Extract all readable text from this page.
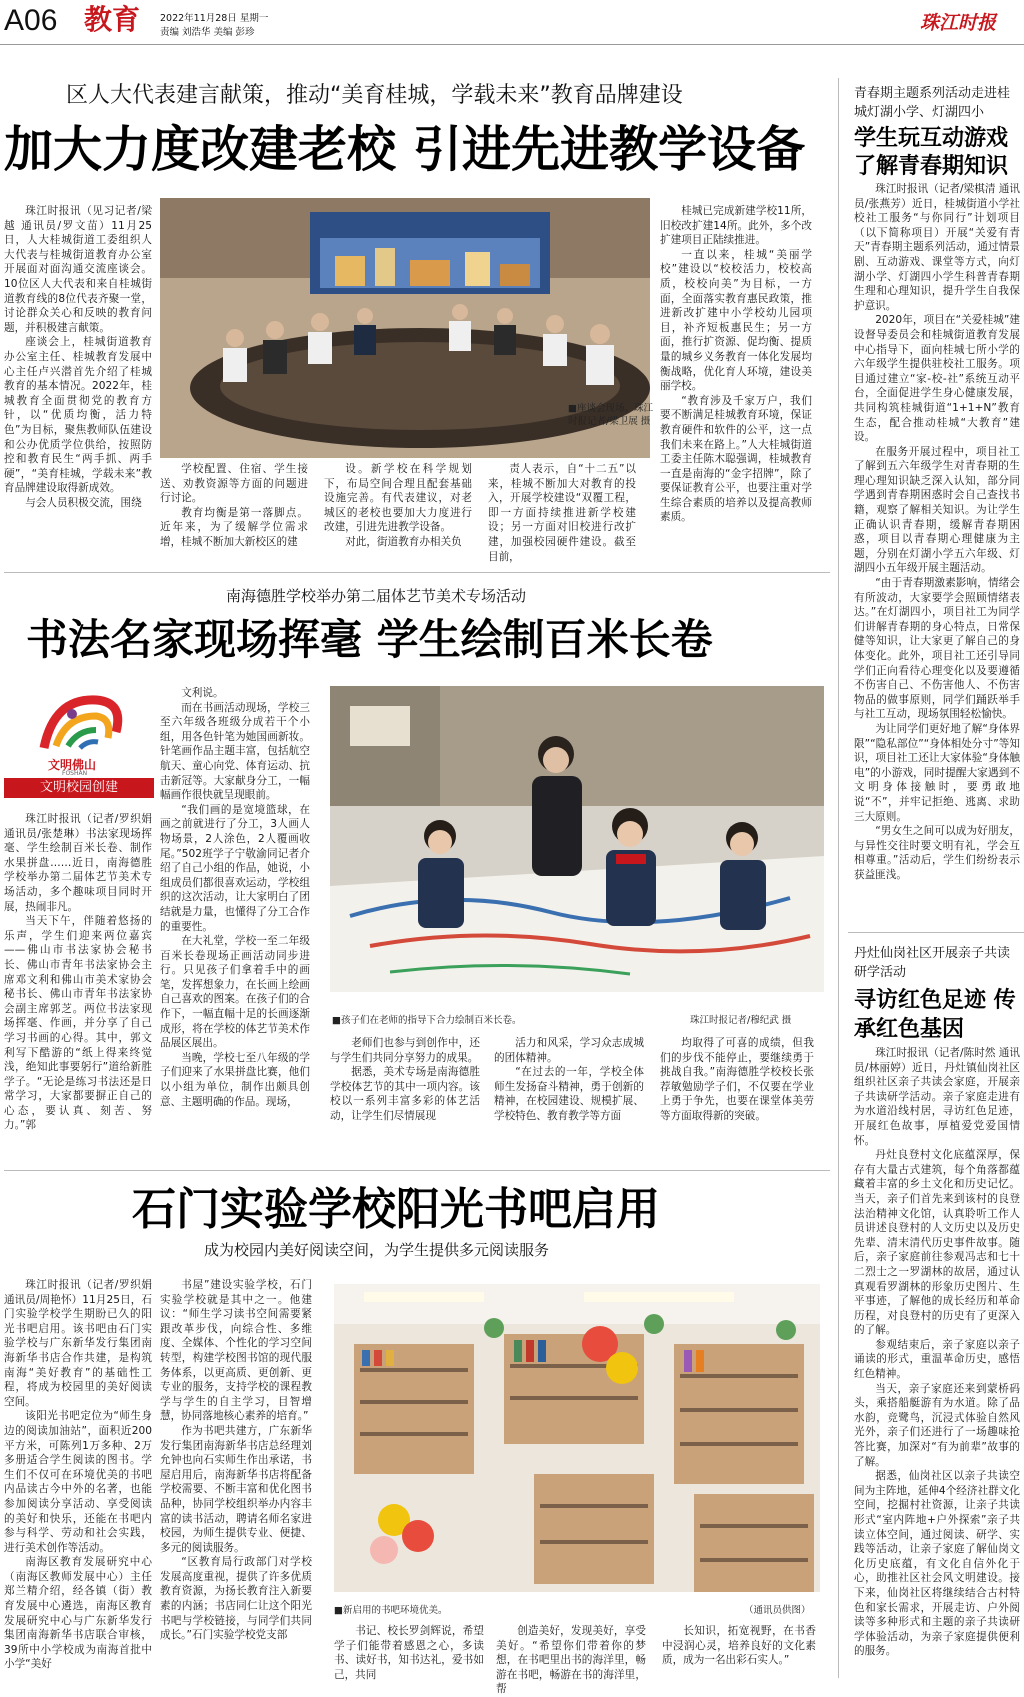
A06 教育 2022年11月28日 星期一
责编 刘浩华 美编 彭珍	珠江时报
区人大代表建言献策，推动“美育桂城，学载未来”教育品牌建设
加大力度改建老校 引进先进教学设备

珠江时报讯（见习记者/梁越 通讯员/罗文苗）11月25日，人大桂城街道工委组织人大代表与桂城街道教育办公室开展面对面沟通交流座谈会。10位区人大代表和来自桂城街道教育线的8位代表齐聚一堂，讨论群众关心和反映的教育问题，并积极建言献策。

座谈会上，桂城街道教育办公室主任、桂城教育发展中心主任卢兴潜首先介绍了桂城教育的基本情况。2022年，桂城教育全面贯彻党的教育方针，以“优质均衡，活力特色”为目标，聚焦教师队伍建设和公办优质学位供给，按照防控和教育民生“两手抓、两手硬”，“美育桂城，学载未来”教育品牌建设取得新成效。

与会人员积极交流，围绕

■座谈会现场。珠江时报记者/梁卫展 摄

学校配置、住宿、学生接送、劝教资源等方面的问题进行讨论。

教育均衡是第一落脚点。近年来，为了缓解学位需求增，桂城不断加大新校区的建

设。新学校在科学规划下，布局空间合理且配套基础设施完善。有代表建议，对老城区的老校也要加大力度进行改建，引进先进教学设备。

对此，街道教育办相关负

责人表示，自“十二五”以来，桂城不断加大对教育的投入，开展学校建设“双覆工程，即一方面持续推进新学校建设；另一方面对旧校进行改扩建，加强校园硬件建设。截至目前，

桂城已完成新建学校11所，旧校改扩建14所。此外，多个改扩建项目正陆续推进。

一直以来，桂城“美丽学校”建设以“校校活力，校校高质，校校向美”为目标，一方面，全面落实教育惠民政策，推进新改扩建中小学校幼儿园项目，补齐短板惠民生；另一方面，推行扩资源、促均衡、提质量的城乡义务教育一体化发展均衡战略，优化育人环境，建设美丽学校。

“教育涉及千家万户，我们要不断满足桂城教育环境，保证教育硬件和软件的公平，这一点我们未来在路上。”人大桂城街道工委主任陈木聪强调，桂城教育一直是南海的“金字招牌”，除了要保证教育公平，也要注重对学生综合素质的培养以及提高教师素质。

青春期主题系列活动走进桂城灯湖小学、灯湖四小
学生玩互动游戏 了解青春期知识

珠江时报讯（记者/梁棋清 通讯员/张燕芳）近日，桂城街道小学社校社工服务“与你同行”计划项目（以下简称项目）开展“关爱有青天”青春期主题系列活动，通过情景剧、互动游戏、课堂等方式，向灯湖小学、灯湖四小学生科普青春期生理和心理知识，提升学生自我保护意识。

2020年，项目在“关爱桂城”建设督导委员会和桂城街道教育发展中心指导下，面向桂城七所小学的六年级学生提供驻校社工服务。项目通过建立“家-校-社”系统互动平台，全面促进学生身心健康发展，共同构筑桂城街道“1+1+N”教育生态，配合推动桂城“大教育”建设。

在服务开展过程中，项目社工了解到五六年级学生对青春期的生理心理知识缺乏深入认知，部分同学遇到青春期困惑时会自己查找书籍，观察了解相关知识。为让学生正确认识青春期，缓解青春期困惑，项目以青春期心理健康为主题，分别在灯湖小学五六年级、灯湖四小五年级开展主题活动。

“由于青春期激素影响，情绪会有所波动，大家要学会照顾情绪表达。”在灯湖四小，项目社工为同学们讲解青春期的身心特点，日常保健等知识，让大家更了解自己的身体变化。此外，项目社工还引导同学们正向看待心理变化以及要遵循不伤害自己、不伤害他人、不伤害物品的做事原则，同学们踊跃举手与社工互动，现场氛围轻松愉快。

为让同学们更好地了解“身体界限”“隐私部位”“身体相处分寸”等知识，项目社工还让大家体验“身体触电”的小游戏，同时提醒大家遇到不文明身体接触时，要勇敢地说“不”，并牢记拒绝、逃离、求助三大原则。

“男女生之间可以成为好朋友，与异性交往时要文明有礼，学会互相尊重。”活动后，学生们纷纷表示获益匪浅。

南海德胜学校举办第二届体艺节美术专场活动
书法名家现场挥毫 学生绘制百米长卷
文明佛山
FOSHAN
文明校园创建

珠江时报讯（记者/罗织娟 通讯员/张楚琳）书法家现场挥毫、学生绘制百米长卷、制作水果拼盘……近日，南海德胜学校举办第二届体艺节美术专场活动，多个趣味项目同时开展，热闹非凡。

当天下午，伴随着悠扬的乐声，学生们迎来两位嘉宾——佛山市书法家协会秘书长、佛山市青年书法家协会主席邓文利和佛山市美术家协会秘书长、佛山市青年书法家协会副主席郭芝。两位书法家现场挥毫、作画，并分享了自己学习书画的心得。其中，郭文利写下酷游的“纸上得来终觉浅，绝知此事要躬行”道给新胜学子。“无论是练习书法还是日常学习，大家都要摒正自己的心态，要认真、刻苦、努力。”郭

文利说。

而在书画活动现场，学校三至六年级各班级分成若干个小组，用各色针笔为她国画新妆。针笔画作品主题丰富，包括航空航天、童心向党、体育运动、抗击新冠等。大家献身分工，一幅幅画作很快就呈现眼前。

“我们画的是宽境篮球，在画之前就进行了分工，3人画人物场景，2人涂色，2人覆画收尾。”502班学子宁敬渝同记者介绍了自己小组的作品，她说，小组成员们都很喜欢运动，学校组织的这次活动，让大家明白了团结就是力量，也懂得了分工合作的重要性。

在大礼堂，学校一至二年级百米长卷现场正画活动同步进行。只见孩子们拿着手中的画笔，发挥想象力，在长画上绘画自己喜欢的图案。在孩子们的合作下，一幅直幅十足的长画逐渐成形，将在学校的体艺节美术作品展区展出。

当晚，学校七至八年级的学子们迎来了水果拼盘比赛，他们以小组为单位，制作出颇具创意、主题明确的作品。现场，

■孩子们在老师的指导下合力绘制百米长卷。	珠江时报记者/穆纪武 摄

老师们也参与到创作中，还与学生们共同分享努力的成果。

据悉，美术专场是南海德胜学校体艺节的其中一项内容。该校以一系列丰富多彩的体艺活动，让学生们尽情展现

活力和风采，学习众志成城的团体精神。

“在过去的一年，学校全体师生发扬奋斗精神，勇于创新的精神，在校园建设、规模扩展、学校特色、教育教学等方面

均取得了可喜的成绩，但我们的步伐不能停止，要继续勇于挑战自我。”南海德胜学校校长张荐敏勉励学子们，不仅要在学业上勇于争先，也要在课堂体美劳等方面取得新的突破。

丹灶仙岗社区开展亲子共读研学活动
寻访红色足迹 传承红色基因

珠江时报讯（记者/陈时然 通讯员/林丽婷）近日，丹灶镇仙岗社区组织社区亲子共读会家庭，开展亲子共读研学活动。亲子家庭走进有为水道沿线村居，寻访红色足迹，开展红色故事，厚植爱党爱国情怀。

丹灶良登村文化底蕴深厚，保存有大量古式建筑，每个角落都蕴藏着丰富的乡土文化和历史记忆。当天，亲子们首先来到该村的良登法治精神文化馆，认真聆听工作人员讲述良登村的人文历史以及历史先辈、清末清代历史事件故事。随后，亲子家庭前往参观冯志和七十二烈士之一罗湖林的故居，通过认真观看罗湖林的形象历史图片、生平事迹，了解他的成长经历和革命历程，对良登村的历史有了更深入的了解。

参观结束后，亲子家庭以亲子诵读的形式，重温革命历史，感悟红色精神。

当天，亲子家庭还来到蒙桥码头，乘搭船艇游有为水道。除了品水韵，竞鹭鸟，沉浸式体验自然风光外，亲子们还进行了一场趣味抢答比赛，加深对“有为前辈”故事的了解。

据悉，仙岗社区以亲子共读空间为主阵地，延伸4个经济社群文化空间，挖掘村社资源，让亲子共读形式“室内阵地+户外探索”亲子共读立体空间，通过阅读、研学、实践等活动，让亲子家庭了解仙岗文化历史底蕴，有文化自信外化于心，助推社区社会风文明建设。接下来，仙岗社区将继续结合古村特色和家长需求，开展走访、户外阅读等多种形式和主题的亲子共读研学体验活动，为亲子家庭提供便利的服务。

石门实验学校阳光书吧启用
成为校园内美好阅读空间，为学生提供多元阅读服务

珠江时报讯（记者/罗织娟 通讯员/周艳怀）11月25日，石门实验学校学生期盼已久的阳光书吧启用。该书吧由石门实验学校与广东新华发行集团南海新华书店合作共建，是构筑南海“美好教育”的基础性工程，将成为校园里的美好阅读空间。

该阳光书吧定位为“师生身边的阅读加油站”，面积近200平方米，可陈列1万多种、2万多册适合学生阅读的图书。学生们不仅可在环境优美的书吧内品读古今中外的名著，也能参加阅读分享活动、享受阅读的美好和快乐，还能在书吧内参与科学、劳动和社会实践，进行美术创作等活动。

南海区教育发展研究中心（南海区教师发展中心）主任郑兰精介绍，经各镇（街）教育发展中心遴选，南海区教育发展研究中心与广东新华发行集团南海新华书店联合审核，39所中小学校成为南海首批中小学“美好

书屋”建设实验学校，石门实验学校就是其中之一。他建议：“师生学习读书空间需要紧跟改革步伐，向综合性、多维度、全媒体、个性化的学习空间转型，构建学校图书馆的现代服务体系，以更高质、更创新、更专业的服务，支持学校的课程教学与学生的自主学习，目智增慧，协同落地核心素养的培育。”

作为书吧共建方，广东新华发行集团南海新华书店总经理刘允钟也向石实师生作出承诺，书屋启用后，南海新华书店将配备学校需要、不断丰富和优化图书品种，协同学校组织举办内容丰富的读书活动，聘请名师名家进校园，为师生提供专业、便捷、多元的阅读服务。

“区教育局行政部门对学校发展高度重视，提供了许多优质教育资源，为扬长教育注入新要素的内涵；书店同仁让这个阳光书吧与学校链接，与同学们共同成长。”石门实验学校党支部

■新启用的书吧环境优美。	（通讯员供图）

书记、校长罗剑辉说，希望学子们能带着感恩之心，多读书、读好书，知书达礼，爱书如己，共同

创造美好，发现美好，享受美好。“希望你们带着你的梦想，在书吧里出书的海洋里，畅游在书吧，畅游在书的海洋里，帮

长知识，拓宽视野，在书香中浸润心灵，培养良好的文化素质，成为一名出彩石实人。”
